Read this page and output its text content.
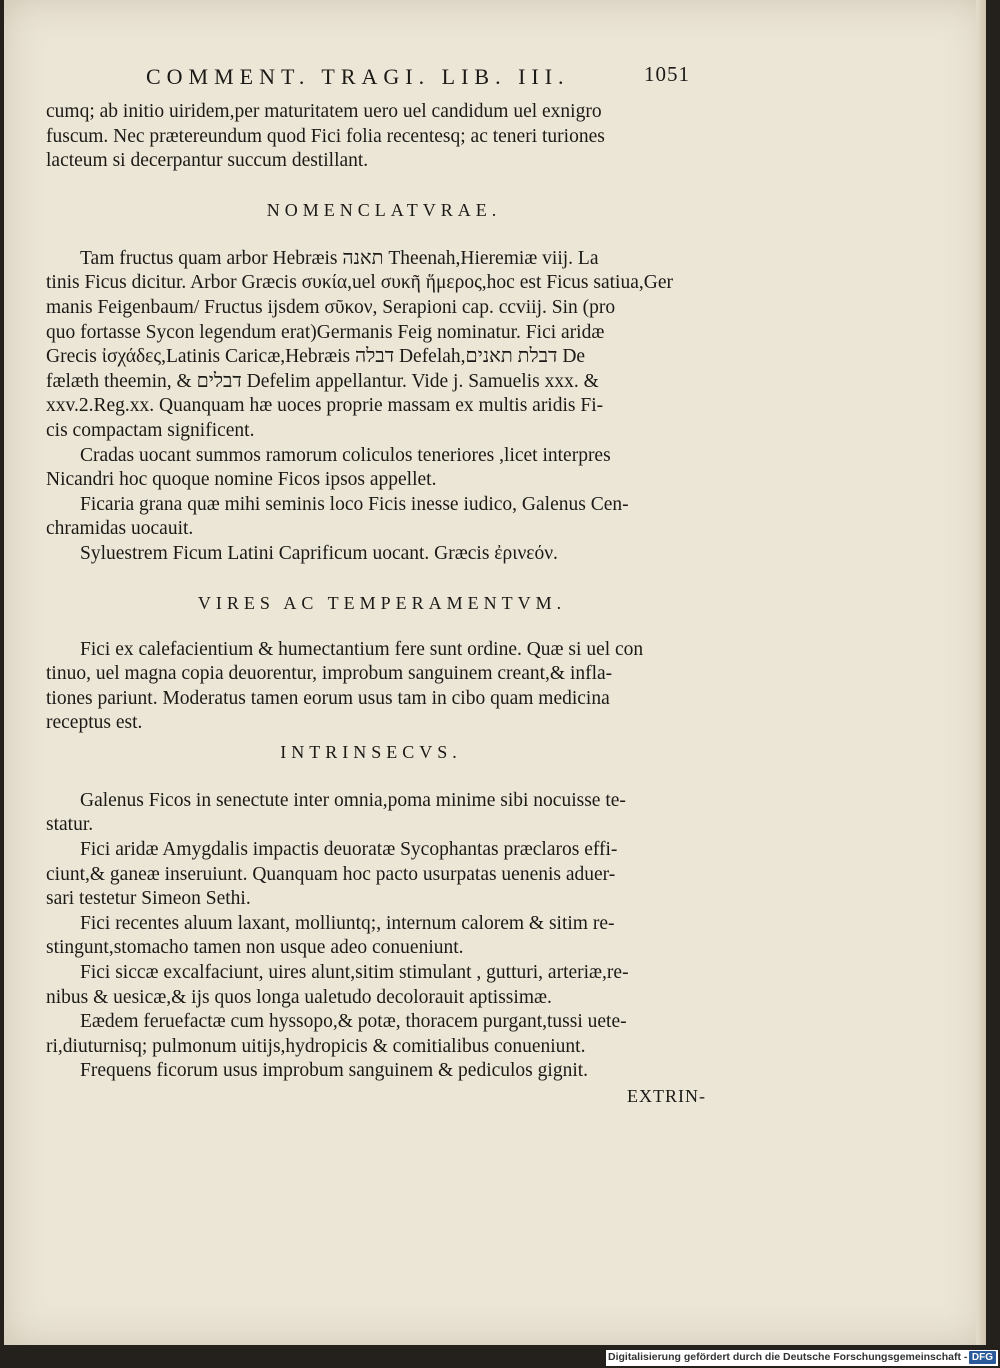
COMMENT. TRAGI. LIB. III.	1051
cumq; ab initio uiridem,per maturitatem uero uel candidum uel exnigro
fuscum. Nec prætereundum quod Fici folia recentesq; ac teneri turiones
lacteum si decerpantur succum destillant.
NOMENCLATVRAE.
Tam fructus quam arbor Hebræis תאנה Theenah,Hieremiæ viij. La
tinis Ficus dicitur. Arbor Græcis συκία,uel συκῆ ἥμερος,hoc est Ficus satiua,Ger
manis Feigenbaum/ Fructus ijsdem σῦκον, Serapioni cap. ccviij. Sin (pro
quo fortasse Sycon legendum erat)Germanis Feig nominatur. Fici aridæ
Grecis ἰσχάδες,Latinis Caricæ,Hebræis דבלה Defelah,דבלת תאנים De
fælæth theemin, & דבלים Defelim appellantur. Vide j. Samuelis xxx. &
xxv.2.Reg.xx. Quanquam hæ uoces proprie massam ex multis aridis Fi-
cis compactam significent.
Cradas uocant summos ramorum coliculos teneriores ,licet interpres
Nicandri hoc quoque nomine Ficos ipsos appellet.
Ficaria grana quæ mihi seminis loco Ficis inesse iudico, Galenus Cen-
chramidas uocauit.
Syluestrem Ficum Latini Caprificum uocant. Græcis ἐρινεόν.
VIRES AC TEMPERAMENTVM.
Fici ex calefacientium & humectantium fere sunt ordine. Quæ si uel con
tinuo, uel magna copia deuorentur, improbum sanguinem creant,& infla-
tiones pariunt. Moderatus tamen eorum usus tam in cibo quam medicina
receptus est.
INTRINSECVS.
Galenus Ficos in senectute inter omnia,poma minime sibi nocuisse te-
statur.
Fici aridæ Amygdalis impactis deuoratæ Sycophantas præclaros effi-
ciunt,& ganeæ inseruiunt. Quanquam hoc pacto usurpatas uenenis aduer-
sari testetur Simeon Sethi.
Fici recentes aluum laxant, molliuntq;, internum calorem & sitim re-
stingunt,stomacho tamen non usque adeo conueniunt.
Fici siccæ excalfaciunt, uires alunt,sitim stimulant , gutturi, arteriæ,re-
nibus & uesicæ,& ijs quos longa ualetudo decolorauit aptissimæ.
Eædem feruefactæ cum hyssopo,& potæ, thoracem purgant,tussi uete-
ri,diuturnisq; pulmonum uitijs,hydropicis & comitialibus conueniunt.
Frequens ficorum usus improbum sanguinem & pediculos gignit.
EXTRIN-
Digitalisierung gefördert durch die Deutsche Forschungsgemeinschaft - DFG
